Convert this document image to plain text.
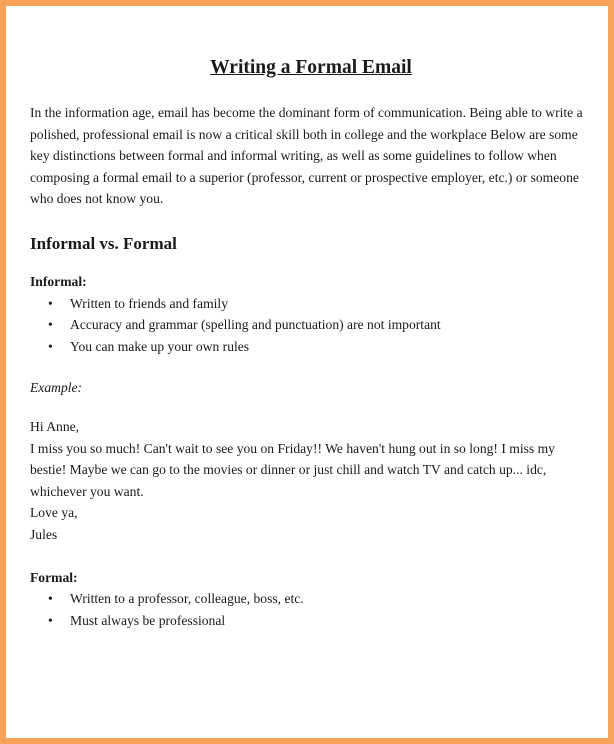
Writing a Formal Email

In the information age, email has become the dominant form of communication. Being able to write a polished, professional email is now a critical skill both in college and the workplace Below are some key distinctions between formal and informal writing, as well as some guidelines to follow when composing a formal email to a superior (professor, current or prospective employer, etc.) or someone who does not know you.

Informal vs. Formal
Informal:
• Written to friends and family
• Accuracy and grammar (spelling and punctuation) are not important
• You can make up your own rules
Example:
Hi Anne,
I miss you so much! Can't wait to see you on Friday!! We haven't hung out in so long! I miss my bestie! Maybe we can go to the movies or dinner or just chill and watch TV and catch up... idc, whichever you want.
Love ya,
Jules
Formal:
• Written to a professor, colleague, boss, etc.
• Must always be professional
